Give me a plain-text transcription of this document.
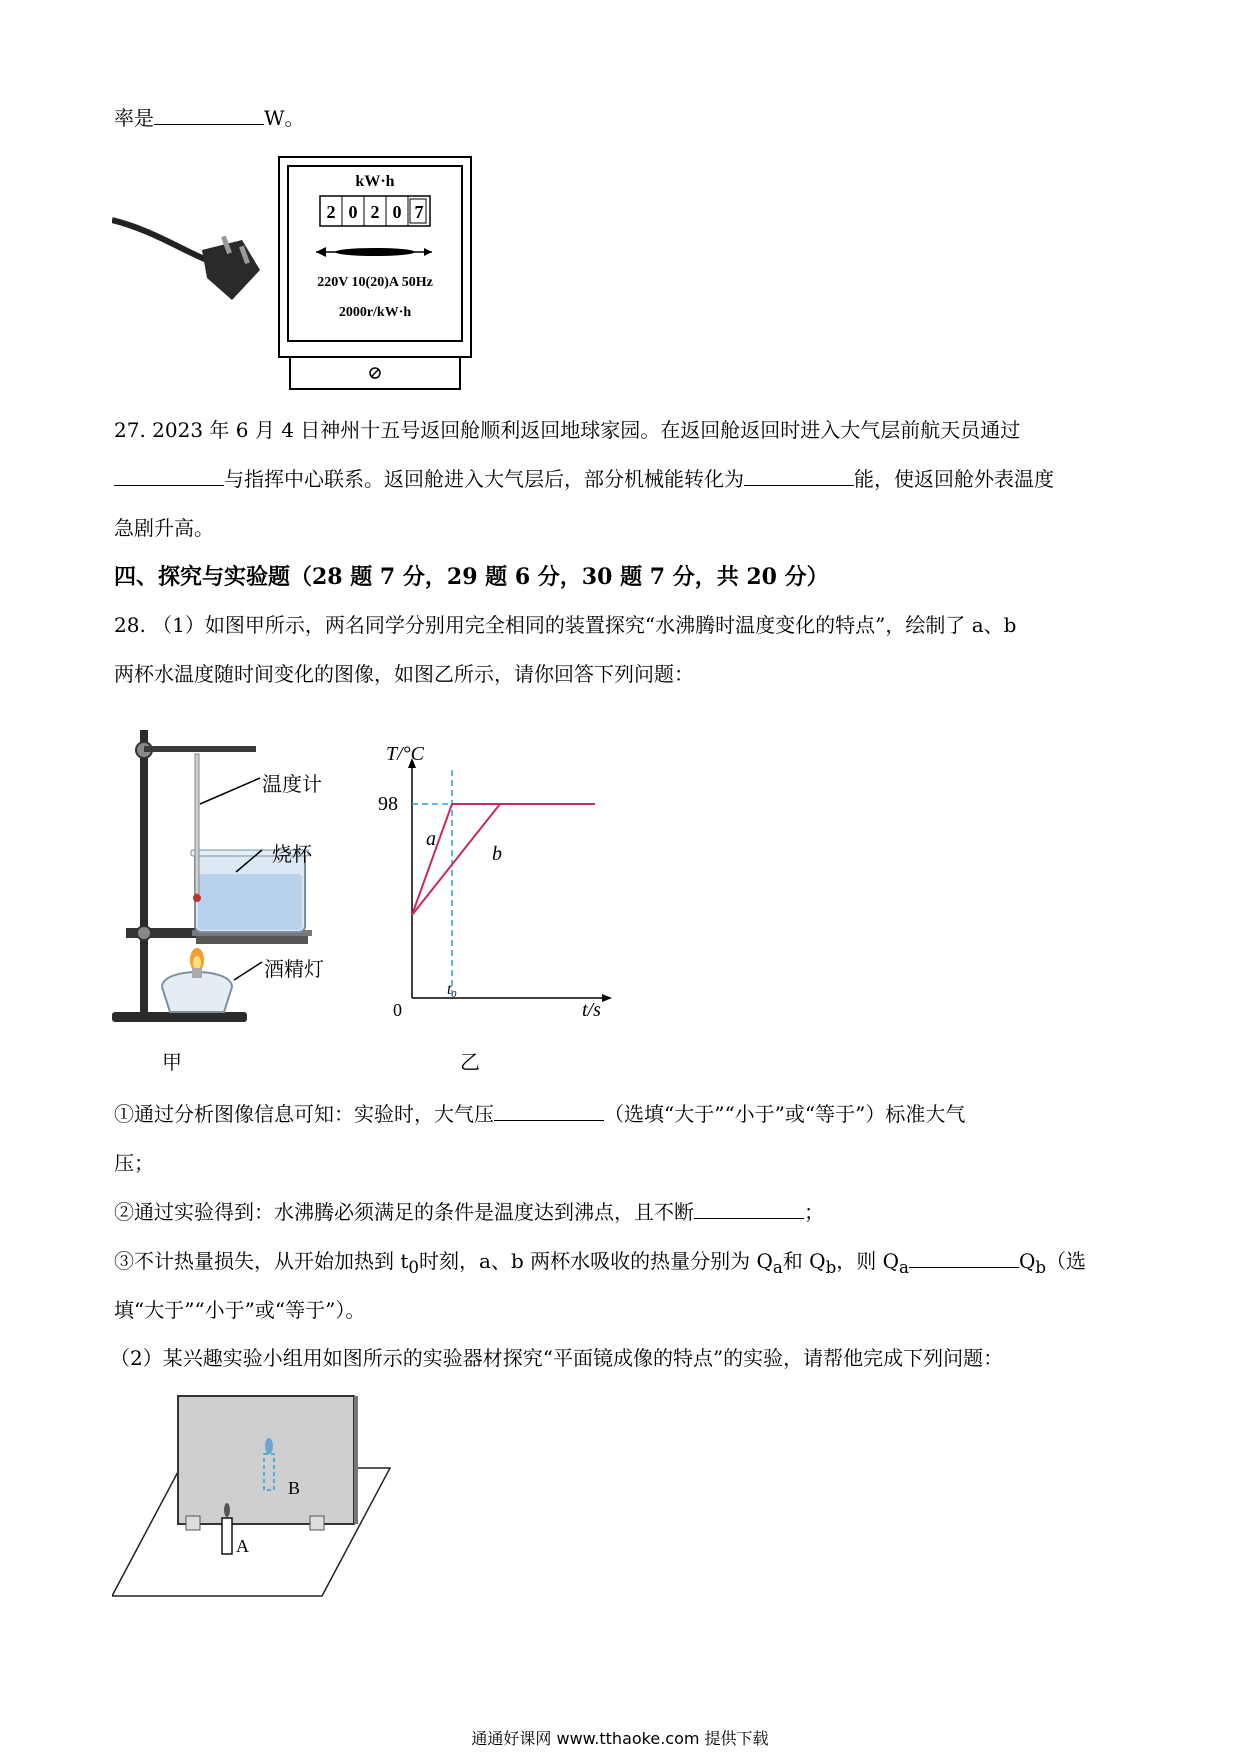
率是	W。
kW·h
2 0 2 0 7
220V 10(20)A 50Hz
2000r/kW·h
27. 2023 年 6 月 4 日神州十五号返回舱顺利返回地球家园。在返回舱返回时进入大气层前航天员通过
与指挥中心联系。返回舱进入大气层后，部分机械能转化为	能，使返回舱外表温度
急剧升高。
四、探究与实验题（28 题 7 分，29 题 6 分，30 题 7 分，共 20 分）
28. （1）如图甲所示，两名同学分别用完全相同的装置探究“水沸腾时温度变化的特点”，绘制了 a、b
两杯水温度随时间变化的图像，如图乙所示，请你回答下列问题：
温度计
烧杯
酒精灯
甲
T/°C
t/s
0
98
t₀
a
b
乙
①通过分析图像信息可知：实验时，大气压	（选填“大于”“小于”或“等于”）标准大气
压；
②通过实验得到：水沸腾必须满足的条件是温度达到沸点，且不断	；
③不计热量损失，从开始加热到 $t_0$时刻，a、b 两杯水吸收的热量分别为 $Q_a$和 $Q_b$，则 $Q_a$	$Q_b$（选
填“大于”“小于”或“等于”）。
（2）某兴趣实验小组用如图所示的实验器材探究“平面镜成像的特点”的实验，请帮他完成下列问题：
A
B
通通好课网 www.tthaoke.com 提供下载
